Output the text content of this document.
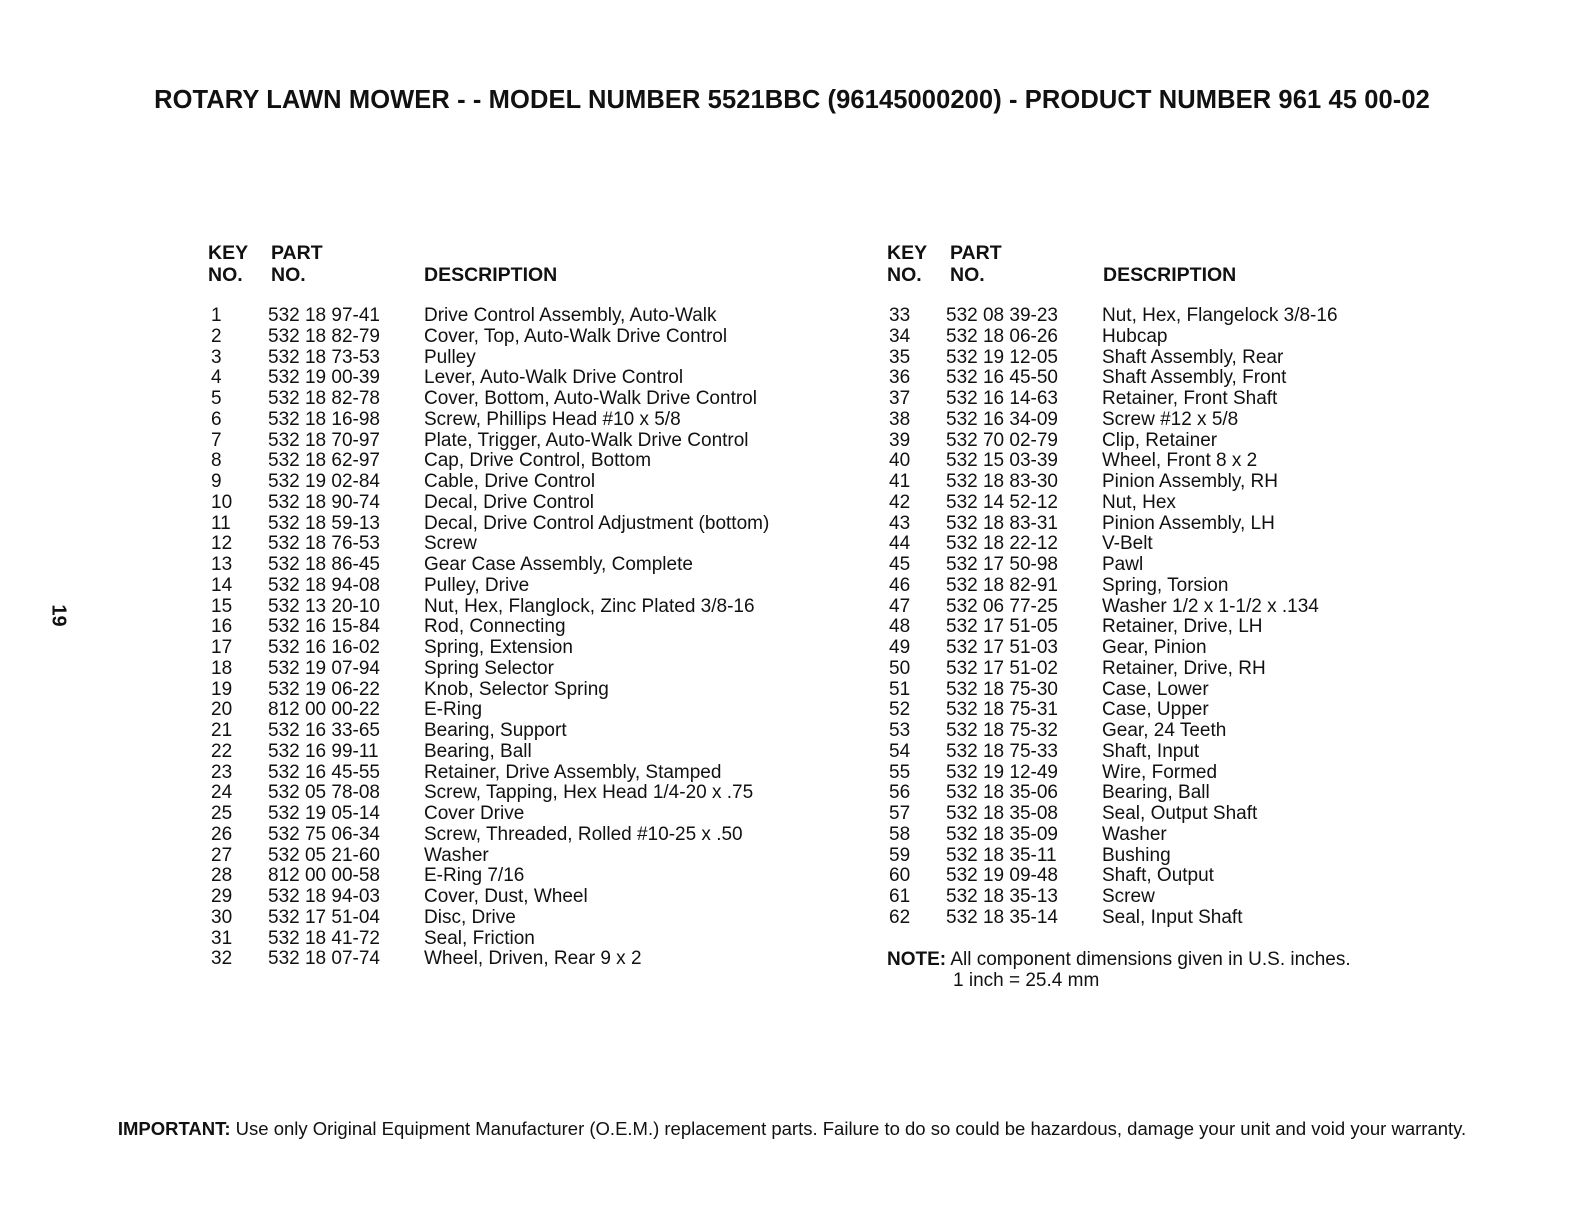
ROTARY LAWN MOWER - - MODEL NUMBER 5521BBC (96145000200) - PRODUCT NUMBER 961 45 00-02
19
KEY
NO.
PART
NO.	DESCRIPTION
1 532 18 97-41 Drive Control Assembly, Auto-Walk
2 532 18 82-79 Cover, Top, Auto-Walk Drive Control
3 532 18 73-53 Pulley
4 532 19 00-39 Lever, Auto-Walk Drive Control
5 532 18 82-78 Cover, Bottom, Auto-Walk Drive Control
6 532 18 16-98 Screw, Phillips Head #10 x 5/8
7 532 18 70-97 Plate, Trigger, Auto-Walk Drive Control
8 532 18 62-97 Cap, Drive Control, Bottom
9 532 19 02-84 Cable, Drive Control
10 532 18 90-74 Decal, Drive Control
11 532 18 59-13 Decal, Drive Control Adjustment (bottom)
12 532 18 76-53 Screw
13 532 18 86-45 Gear Case Assembly, Complete
14 532 18 94-08 Pulley, Drive
15 532 13 20-10 Nut, Hex, Flanglock, Zinc Plated 3/8-16
16 532 16 15-84 Rod, Connecting
17 532 16 16-02 Spring, Extension
18 532 19 07-94 Spring Selector
19 532 19 06-22 Knob, Selector Spring
20 812 00 00-22 E-Ring
21 532 16 33-65 Bearing, Support
22 532 16 99-11 Bearing, Ball
23 532 16 45-55 Retainer, Drive Assembly, Stamped
24 532 05 78-08 Screw, Tapping, Hex Head 1/4-20 x .75
25 532 19 05-14 Cover Drive
26 532 75 06-34 Screw, Threaded, Rolled #10-25 x .50
27 532 05 21-60 Washer
28 812 00 00-58 E-Ring 7/16
29 532 18 94-03 Cover, Dust, Wheel
30 532 17 51-04 Disc, Drive
31 532 18 41-72 Seal, Friction
32 532 18 07-74 Wheel, Driven, Rear 9 x 2
KEY
NO.
PART
NO.	DESCRIPTION
33 532 08 39-23 Nut, Hex, Flangelock 3/8-16
34 532 18 06-26 Hubcap
35 532 19 12-05 Shaft Assembly, Rear
36 532 16 45-50 Shaft Assembly, Front
37 532 16 14-63 Retainer, Front Shaft
38 532 16 34-09 Screw #12 x 5/8
39 532 70 02-79 Clip, Retainer
40 532 15 03-39 Wheel, Front 8 x 2
41 532 18 83-30 Pinion Assembly, RH
42 532 14 52-12 Nut, Hex
43 532 18 83-31 Pinion Assembly, LH
44 532 18 22-12 V-Belt
45 532 17 50-98 Pawl
46 532 18 82-91 Spring, Torsion
47 532 06 77-25 Washer 1/2 x 1-1/2 x .134
48 532 17 51-05 Retainer, Drive, LH
49 532 17 51-03 Gear, Pinion
50 532 17 51-02 Retainer, Drive, RH
51 532 18 75-30 Case, Lower
52 532 18 75-31 Case, Upper
53 532 18 75-32 Gear, 24 Teeth
54 532 18 75-33 Shaft, Input
55 532 19 12-49 Wire, Formed
56 532 18 35-06 Bearing, Ball
57 532 18 35-08 Seal, Output Shaft
58 532 18 35-09 Washer
59 532 18 35-11 Bushing
60 532 19 09-48 Shaft, Output
61 532 18 35-13 Screw
62 532 18 35-14 Seal, Input Shaft
NOTE: All component dimensions given in U.S. inches.
1 inch = 25.4 mm
IMPORTANT: Use only Original Equipment Manufacturer (O.E.M.) replacement parts. Failure to do so could be hazardous, damage your unit and void your warranty.
